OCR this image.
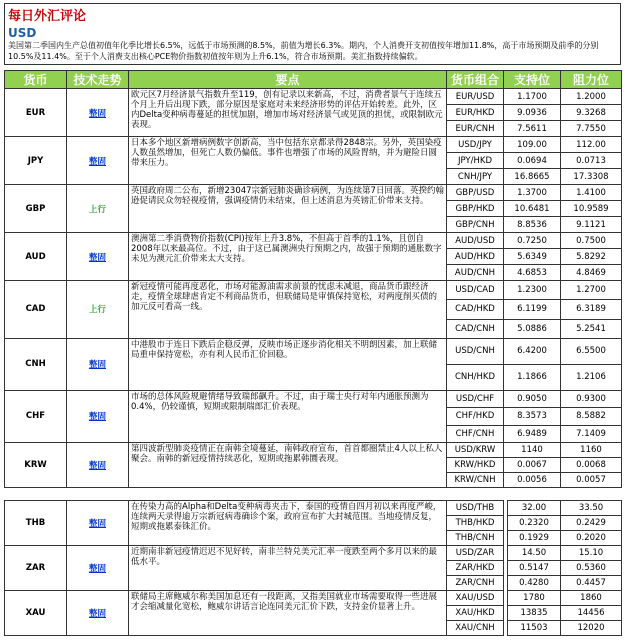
每日外汇评论
USD
美国第二季国内生产总值初值年化季比增长6.5%，远低于市场预测的8.5%，前值为增长6.3%。期内，个人消费开支初值按年增加11.8%，高于市场预期及前季的分别10.5%及11.4%。至于个人消费支出核心PCE物价指数初值按年则为上升6.1%，符合市场预期。美汇指数持续偏软。
货币	技术走势	要点	货币组合	支持位	阻力位
EUR	整固	欧元区7月经济景气指数升至119，创有记录以来新高，不过，消费者景气于连续五个月上升后出现下跌，部分原因是家庭对未来经济形势的评估开始转差。此外，区内Delta变种病毒蔓延的担忧加剧，增加市场对经济景气或见顶的担忧，或限制欧元表现。	EUR/USD	1.1700	1.2000
			EUR/HKD	9.0936	9.3268
			EUR/CNH	7.5611	7.7550
JPY	整固	日本多个地区新增病例数字创新高，当中包括东京都录得2848宗。另外，英国染疫人数虽然增加，但死亡人数仍偏低。事件也增强了市场的风险胃纳，并为避险日圆带来压力。	USD/JPY	109.00	112.00
			JPY/HKD	0.0694	0.0713
			CNH/JPY	16.8665	17.3308
GBP	上行	英国政府周二公布，新增23047宗新冠肺炎确诊病例，为连续第7日回落。英揆约翰逊促请民众勿轻视疫情，强调疫情仍未结束，但上述消息为英镑汇价带来支持。	GBP/USD	1.3700	1.4100
			GBP/HKD	10.6481	10.9589
			GBP/CNH	8.8536	9.1121
AUD	整固	澳洲第二季消费物价指数(CPI)按年上升3.8%，不但高于首季的1.1%，且创自2008年以来最高位。不过，由于这已属澳洲央行预期之内，故强于预期的通胀数字未见为澳元汇价带来太大支持。	AUD/USD	0.7250	0.7500
			AUD/HKD	5.6349	5.8292
			AUD/CNH	4.6853	4.8469
CAD	上行	新冠疫情可能再度恶化，市场对能源油需求前景的忧虑未减退，商品货币跟经济走，疫情全球肆虐肯定不利商品货币，但联储局是审慎保持宽松，对两度削买债的加元反可看高一线。	USD/CAD	1.2300	1.2700
			CAD/HKD	6.1199	6.3189
			CAD/CNH	5.0886	5.2541
CNH	整固	中港股市于连日下跌后企稳反弹，反映市场正逐步消化相关不明朗因素，加上联储局重申保持宽松，亦有利人民币汇价回稳。	USD/CNH	6.4200	6.5500
			CNH/HKD	1.1866	1.2106
CHF	整固	市场的总体风险规避情绪导致瑞郎飙升。不过，由于瑞士央行对年内通胀预测为0.4%，仍较谨慎，短期或限制瑞郎汇价表现。	USD/CHF	0.9050	0.9300
			CHF/HKD	8.3573	8.5882
			CHF/CNH	6.9489	7.1409
KRW	整固	第四波新型肺炎疫情正在南韩全境蔓延，南韩政府宣布，首首都圈禁止4人以上私人聚会。南韩的新冠疫情持续恶化，短期或拖累韩圜表现。	USD/KRW	1140	1160
			KRW/HKD	0.0067	0.0068
			KRW/CNH	0.0056	0.0057
THB	整固	在传染力高的Alpha和Delta变种病毒夹击下，泰国的疫情自四月初以来再度严峻，连续两天录得逾万宗新冠病毒确诊个案，政府宣布扩大封城范围。当地疫情反复，短期或拖累泰铢汇价。	USD/THB		32.00	33.50
			THB/HKD		0.2320	0.2429
			THB/CNH		0.1929	0.2020
ZAR	整固	近期南非新冠疫情迟迟不见好转，南非兰特兑美元汇率一度跌至两个多月以来的最低水平。	USD/ZAR		14.50	15.10
			ZAR/HKD		0.5147	0.5360
			ZAR/CNH		0.4280	0.4457
XAU	整固	联储局主席鲍威尔称美国加息还有一段距离，又指美国就业市场需要取得一些进展才会缩减量化宽松，鲍威尔讲话言论连同美元汇价下跌，支持金价显著上升。	XAU/USD		1780	1860
			XAU/HKD		13835	14456
			XAU/CNH		11503	12020
